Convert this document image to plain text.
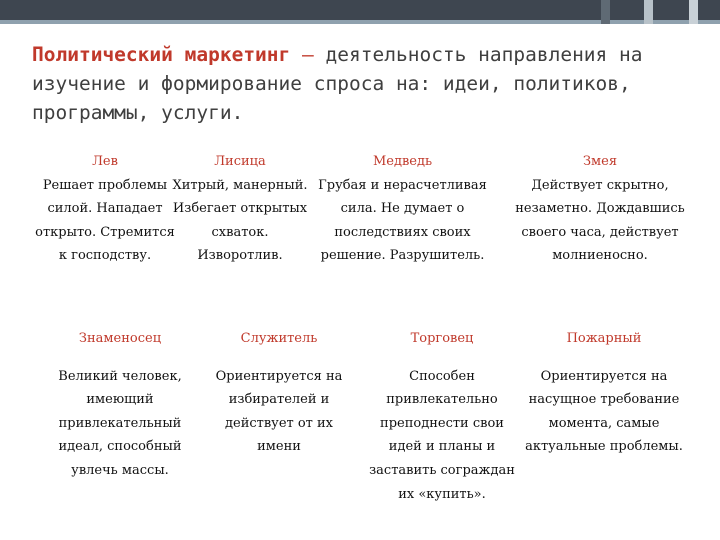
Политический маркетинг – деятельность направления на изучение и формирование спроса на: идеи, политиков, программы, услуги.
Лев
Решает проблемы силой. Нападает открыто. Стремится к господству.
Лисица
Хитрый, манерный. Избегает открытых схваток. Изворотлив.
Медведь
Грубая и нерасчетливая сила. Не думает о последствиях своих решение. Разрушитель.
Змея
Действует скрытно, незаметно. Дождавшись своего часа, действует молниеносно.
Знаменосец
Великий человек, имеющий привлекательный идеал, способный увлечь массы.
Служитель
Ориентируется на избирателей и действует от их имени
Торговец
Способен привлекательно преподнести свои идей и планы и заставить сограждан их «купить».
Пожарный
Ориентируется на насущное требование момента, самые актуальные проблемы.
